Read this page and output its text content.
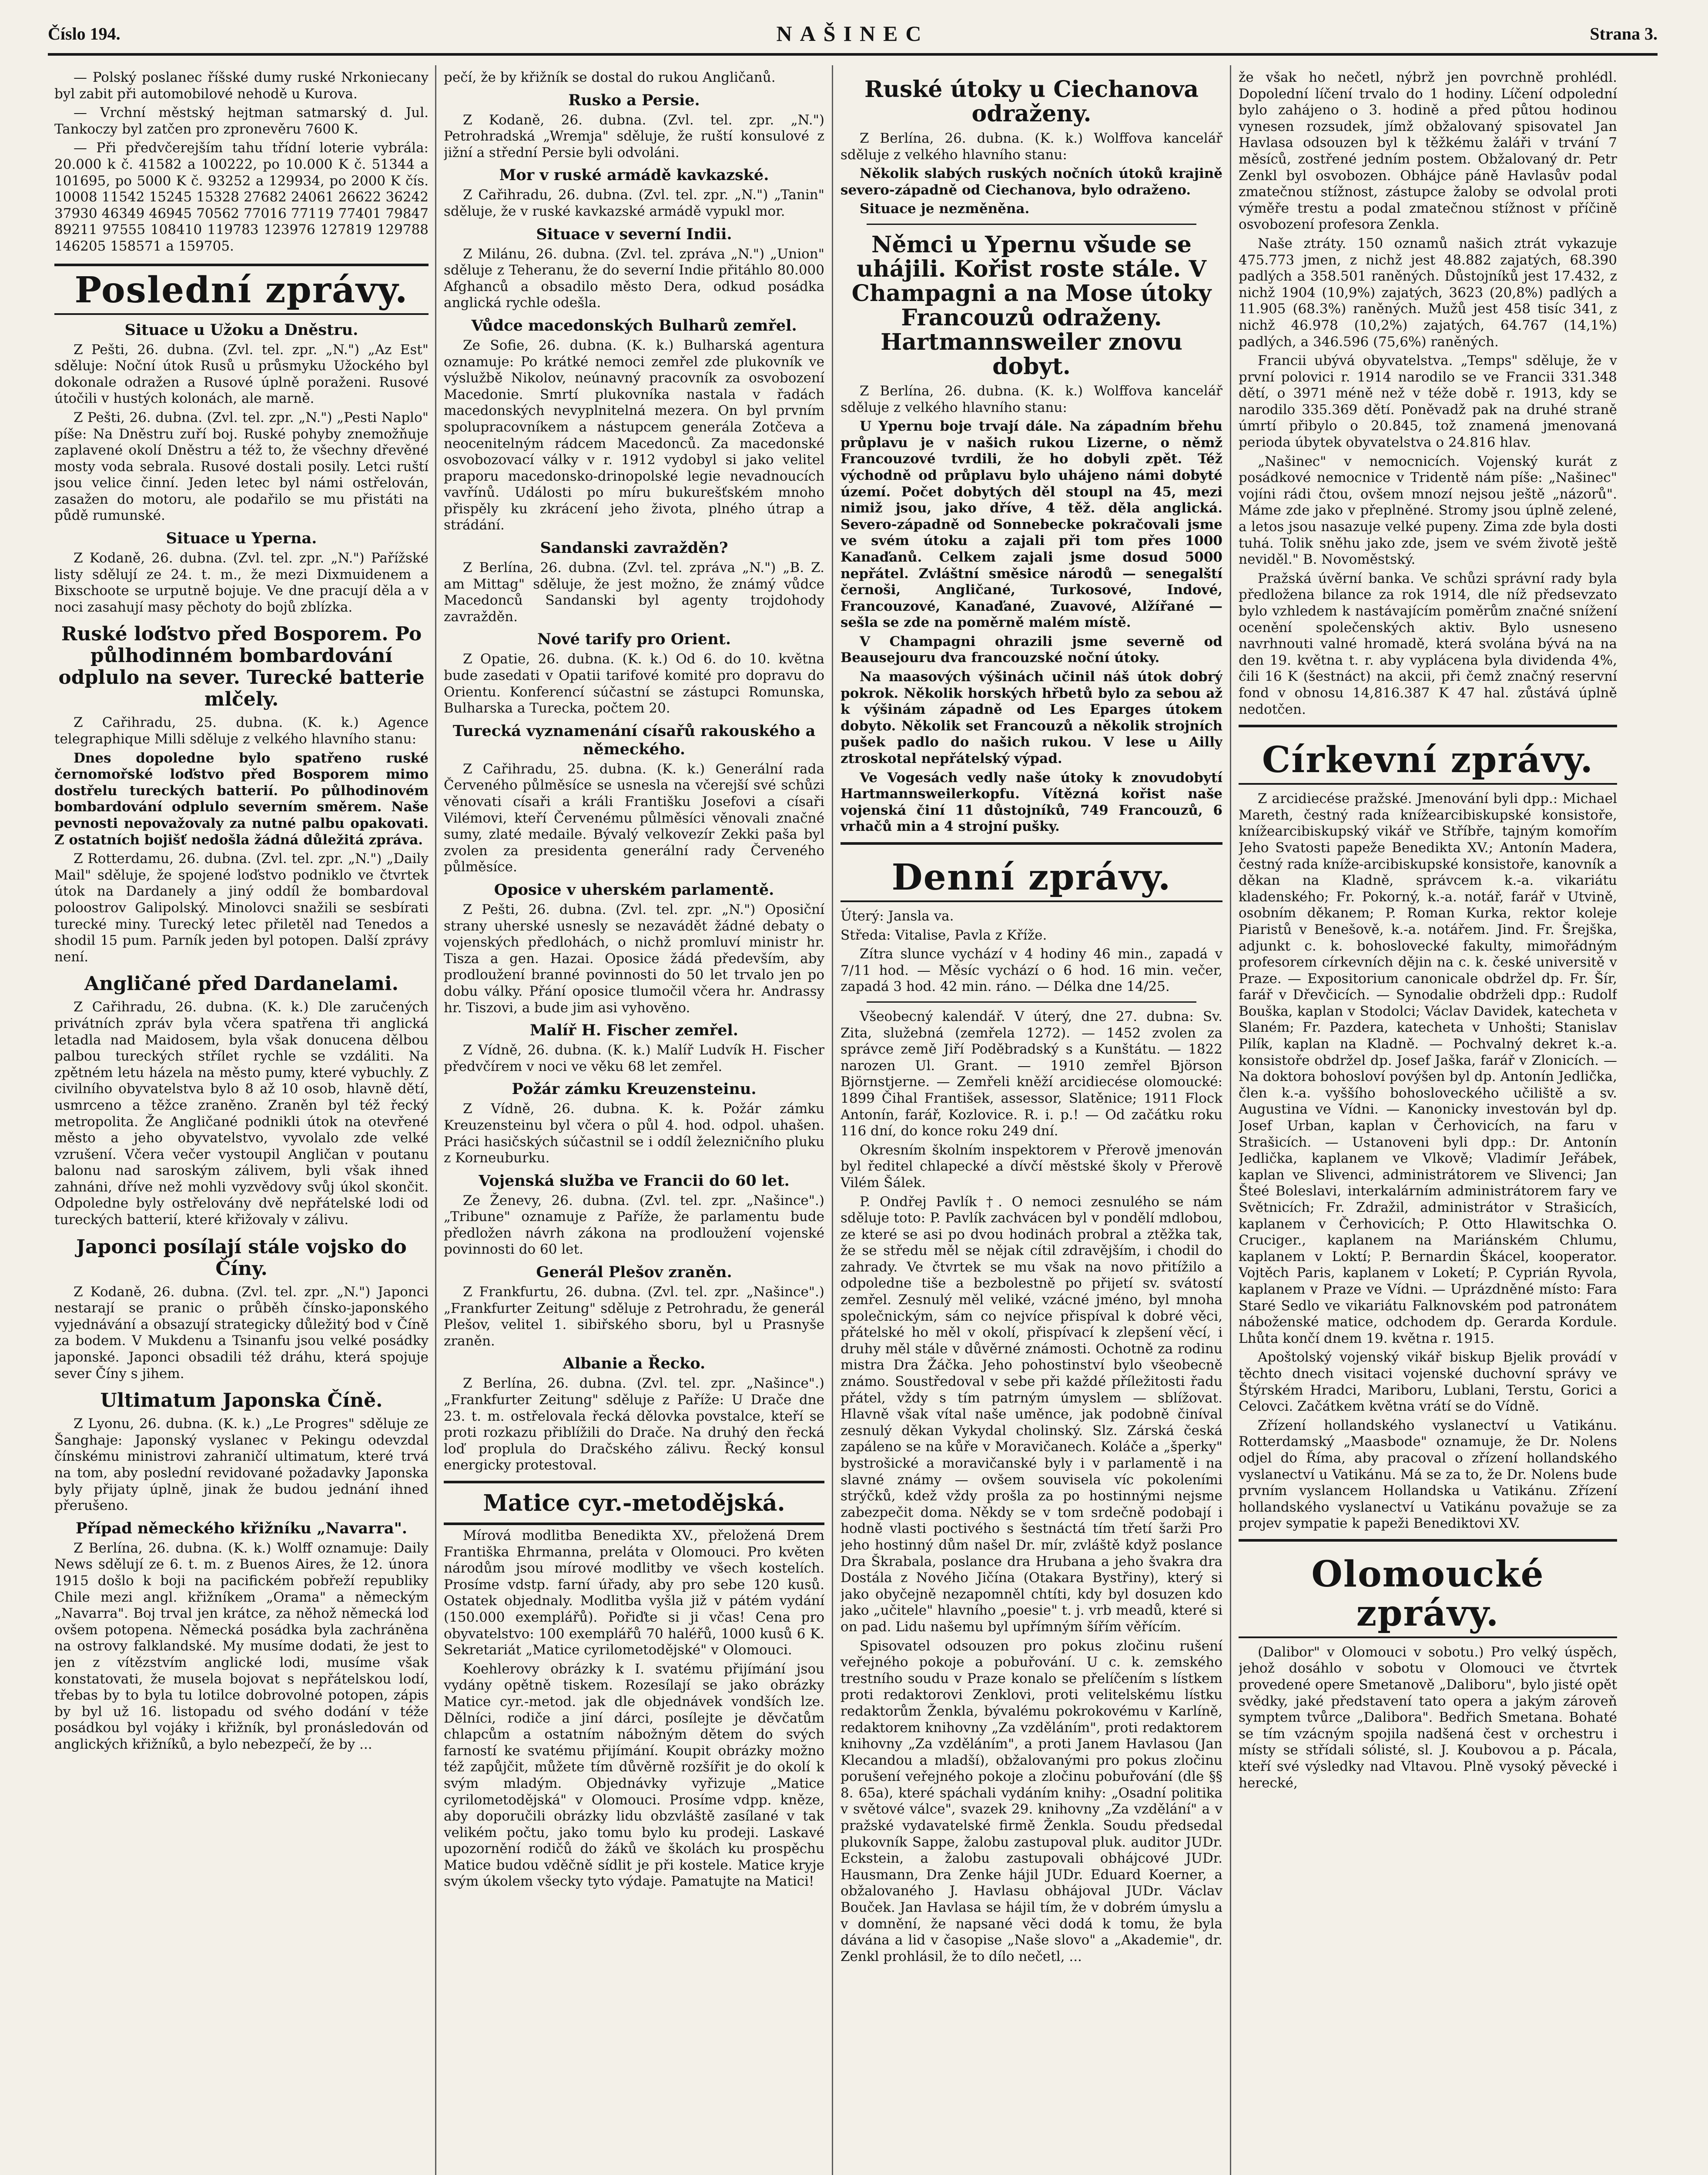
Číslo 194.	NAŠINEC	Strana 3.

— Polský poslanec říšské dumy ruské Nrkoniecany byl zabit při automobilové nehodě u Kurova.

— Vrchní městský hejtman satmarský d. Jul. Tankoczy byl zatčen pro zpronevěru 7600 K.

— Při předvčerejším tahu třídní loterie vybrála: 20.000 k č. 41582 a 100222, po 10.000 K č. 51344 a 101695, po 5000 K č. 93252 a 129934, po 2000 K čís. 10008 11542 15245 15328 27682 24061 26622 36242 37930 46349 46945 70562 77016 77119 77401 79847 89211 97555 108410 119783 123976 127819 129788 146205 158571 a 159705.

Poslední zprávy.
Situace u Užoku a Dněstru.

Z Pešti, 26. dubna. (Zvl. tel. zpr. „N.") „Az Est" sděluje: Noční útok Rusů u průsmyku Užockého byl dokonale odražen a Rusové úplně poraženi. Rusové útočili v hustých kolonách, ale marně.

Z Pešti, 26. dubna. (Zvl. tel. zpr. „N.") „Pesti Naplo" píše: Na Dněstru zuří boj. Ruské pohyby znemožňuje zaplavené okolí Dněstru a též to, že všechny dřevěné mosty voda sebrala. Rusové dostali posily. Letci ruští jsou velice činní. Jeden letec byl námi ostřelován, zasažen do motoru, ale podařilo se mu přistáti na půdě rumunské.

Situace u Yperna.

Z Kodaně, 26. dubna. (Zvl. tel. zpr. „N.") Pařížské listy sdělují ze 24. t. m., že mezi Dixmuidenem a Bixschoote se urputně bojuje. Ve dne pracují děla a v noci zasahují masy pěchoty do bojů zblízka.

Ruské loďstvo před Bosporem. Po půlhodinném bombardování odplulo na sever. Turecké batterie mlčely.

Z Cařihradu, 25. dubna. (K. k.) Agence telegraphique Milli sděluje z velkého hlavního stanu:

Dnes dopoledne bylo spatřeno ruské černomořské loďstvo před Bosporem mimo dostřelu tureckých batterií. Po půlhodinovém bombardování odplulo severním směrem. Naše pevnosti nepovažovaly za nutné palbu opakovati. Z ostatních bojišť nedošla žádná důležitá zpráva.

Z Rotterdamu, 26. dubna. (Zvl. tel. zpr. „N.") „Daily Mail" sděluje, že spojené loďstvo podniklo ve čtvrtek útok na Dardanely a jiný oddíl že bombardoval poloostrov Galipolský. Minolovci snažili se sesbírati turecké miny. Turecký letec přiletěl nad Tenedos a shodil 15 pum. Parník jeden byl potopen. Další zprávy není.

Angličané před Dardanelami.

Z Cařihradu, 26. dubna. (K. k.) Dle zaručených privátních zpráv byla včera spatřena tři anglická letadla nad Maidosem, byla však donucena dělbou palbou tureckých střílet rychle se vzdáliti. Na zpětném letu házela na město pumy, které vybuchly. Z civilního obyvatelstva bylo 8 až 10 osob, hlavně dětí, usmrceno a těžce zraněno. Zraněn byl též řecký metropolita. Že Angličané podnikli útok na otevřené město a jeho obyvatelstvo, vyvolalo zde velké vzrušení. Včera večer vystoupil Angličan v poutanu balonu nad saroským zálivem, byli však ihned zahnáni, dříve než mohli vyzvědovy svůj úkol skončit. Odpoledne byly ostřelovány dvě nepřátelské lodi od tureckých batterií, které křižovaly v zálivu.

Japonci posílají stále vojsko do Číny.

Z Kodaně, 26. dubna. (Zvl. tel. zpr. „N.") Japonci nestarají se pranic o průběh čínsko-japonského vyjednávání a obsazují strategicky důležitý bod v Číně za bodem. V Mukdenu a Tsinanfu jsou velké posádky japonské. Japonci obsadili též dráhu, která spojuje sever Číny s jihem.

Ultimatum Japonska Číně.

Z Lyonu, 26. dubna. (K. k.) „Le Progres" sděluje ze Šanghaje: Japonský vyslanec v Pekingu odevzdal čínskému ministrovi zahraničí ultimatum, které trvá na tom, aby poslední revidované požadavky Japonska byly přijaty úplně, jinak že budou jednání ihned přerušeno.

Případ německého křižníku „Navarra".

Z Berlína, 26. dubna. (K. k.) Wolff oznamuje: Daily News sdělují ze 6. t. m. z Buenos Aires, že 12. února 1915 došlo k boji na pacifickém pobřeží republiky Chile mezi angl. křižníkem „Orama" a německým „Navarra". Boj trval jen krátce, za něhož německá loď ovšem potopena. Německá posádka byla zachráněna na ostrovy falklandské. My musíme dodati, že jest to jen z vítězstvím anglické lodi, musíme však konstatovati, že musela bojovat s nepřátelskou lodí, třebas by to byla tu lotilce dobrovolné potopen, zápis by byl už 16. listopadu od svého dodání v téže posádkou byl vojáky i křižník, byl pronásledován od anglických křižníků, a bylo nebezpečí, že by ...

pečí, že by křižník se dostal do rukou Angličanů.

Rusko a Persie.

Z Kodaně, 26. dubna. (Zvl. tel. zpr. „N.") Petrohradská „Wremja" sděluje, že ruští konsulové z jižní a střední Persie byli odvoláni.

Mor v ruské armádě kavkazské.

Z Cařihradu, 26. dubna. (Zvl. tel. zpr. „N.") „Tanin" sděluje, že v ruské kavkazské armádě vypukl mor.

Situace v severní Indii.

Z Milánu, 26. dubna. (Zvl. tel. zpráva „N.") „Union" sděluje z Teheranu, že do severní Indie přitáhlo 80.000 Afghanců a obsadilo město Dera, odkud posádka anglická rychle odešla.

Vůdce macedonských Bulharů zemřel.

Ze Sofie, 26. dubna. (K. k.) Bulharská agentura oznamuje: Po krátké nemoci zemřel zde plukovník ve výslužbě Nikolov, neúnavný pracovník za osvobození Macedonie. Smrtí plukovníka nastala v řadách macedonských nevyplnitelná mezera. On byl prvním spolupracovníkem a nástupcem generála Zotčeva a neocenitelným rádcem Macedonců. Za macedonské osvobozovací války v r. 1912 vydobyl si jako velitel praporu macedonsko-drinopolské legie nevadnoucích vavřínů. Události po míru bukurešťském mnoho přispěly ku zkrácení jeho života, plného útrap a strádání.

Sandanski zavražděn?

Z Berlína, 26. dubna. (Zvl. tel. zpráva „N.") „B. Z. am Mittag" sděluje, že jest možno, že známý vůdce Macedonců Sandanski byl agenty trojdohody zavražděn.

Nové tarify pro Orient.

Z Opatie, 26. dubna. (K. k.) Od 6. do 10. května bude zasedati v Opatii tarifové komité pro dopravu do Orientu. Konferencí súčastní se zástupci Romunska, Bulharska a Turecka, počtem 20.

Turecká vyznamenání císařů rakouského a německého.

Z Cařihradu, 25. dubna. (K. k.) Generální rada Červeného půlměsíce se usnesla na včerejší své schůzi věnovati císaři a králi Františku Josefovi a císaři Vilémovi, kteří Červenému půlměsíci věnovali značné sumy, zlaté medaile. Bývalý velkovezír Zekki paša byl zvolen za presidenta generální rady Červeného půlměsíce.

Oposice v uherském parlamentě.

Z Pešti, 26. dubna. (Zvl. tel. zpr. „N.") Oposiční strany uherské usnesly se nezavádět žádné debaty o vojenských předlohách, o nichž promluví ministr hr. Tisza a gen. Hazai. Oposice žádá především, aby prodloužení branné povinnosti do 50 let trvalo jen po dobu války. Přání oposice tlumočil včera hr. Andrassy hr. Tiszovi, a bude jim asi vyhověno.

Malíř H. Fischer zemřel.

Z Vídně, 26. dubna. (K. k.) Malíř Ludvík H. Fischer předvčírem v noci ve věku 68 let zemřel.

Požár zámku Kreuzensteinu.

Z Vídně, 26. dubna. K. k. Požár zámku Kreuzensteinu byl včera o půl 4. hod. odpol. uhašen. Práci hasičských súčastnil se i oddíl železničního pluku z Korneuburku.

Vojenská služba ve Francii do 60 let.

Ze Ženevy, 26. dubna. (Zvl. tel. zpr. „Našince".) „Tribune" oznamuje z Paříže, že parlamentu bude předložen návrh zákona na prodloužení vojenské povinnosti do 60 let.

Generál Plešov zraněn.

Z Frankfurtu, 26. dubna. (Zvl. tel. zpr. „Našince".) „Frankfurter Zeitung" sděluje z Petrohradu, že generál Plešov, velitel 1. sibiřského sboru, byl u Prasnyše zraněn.

Albanie a Řecko.

Z Berlína, 26. dubna. (Zvl. tel. zpr. „Našince".) „Frankfurter Zeitung" sděluje z Paříže: U Drače dne 23. t. m. ostřelovala řecká dělovka povstalce, kteří se proti rozkazu přiblížili do Drače. Na druhý den řecká loď proplula do Dračského zálivu. Řecký konsul energicky protestoval.

Matice cyr.-metodějská.

Mírová modlitba Benedikta XV., přeložená Drem Františka Ehrmanna, preláta v Olomouci. Pro květen národům jsou mírové modlitby ve všech kostelích. Prosíme vdstp. farní úřady, aby pro sebe 120 kusů. Ostatek objednaly. Modlitba vyšla již v pátém vydání (150.000 exemplářů). Pořiďte si ji včas! Cena pro obyvatelstvo: 100 exemplářů 70 haléřů, 1000 kusů 6 K. Sekretariát „Matice cyrilometodějské" v Olomouci.

Koehlerovy obrázky k I. svatému přijímání jsou vydány opětně tiskem. Rozesílají se jako obrázky Matice cyr.-metod. jak dle objednávek vondších lze. Dělníci, rodiče a jiní dárci, posílejte je děvčatům chlapcům a ostatním nábožným dětem do svých farností ke svatému přijímání. Koupit obrázky možno též zapůjčit, můžete tím důvěrně rozšířit je do okolí k svým mladým. Objednávky vyřizuje „Matice cyrilometodějská" v Olomouci. Prosíme vdpp. kněze, aby doporučili obrázky lidu obzvláště zasílané v tak velikém počtu, jako tomu bylo ku prodeji. Laskavé upozornění rodičů do žáků ve školách ku prospěchu Matice budou vděčně sídlit je při kostele. Matice kryje svým úkolem všecky tyto výdaje. Pamatujte na Matici!

Ruské útoky u Ciechanova odraženy.

Z Berlína, 26. dubna. (K. k.) Wolffova kancelář sděluje z velkého hlavního stanu:

Několik slabých ruských nočních útoků krajině severo-západně od Ciechanova, bylo odraženo.

Situace je nezměněna.

Němci u Ypernu všude se uhájili. Kořist roste stále. V Champagni a na Mose útoky Francouzů odraženy. Hartmannsweiler znovu dobyt.

Z Berlína, 26. dubna. (K. k.) Wolffova kancelář sděluje z velkého hlavního stanu:

U Ypernu boje trvají dále. Na západním břehu průplavu je v našich rukou Lizerne, o němž Francouzové tvrdili, že ho dobyli zpět. Též východně od průplavu bylo uhájeno námi dobyté území. Počet dobytých děl stoupl na 45, mezi nimiž jsou, jako dříve, 4 těž. děla anglická. Severo-západně od Sonnebecke pokračovali jsme ve svém útoku a zajali při tom přes 1000 Kanaďanů. Celkem zajali jsme dosud 5000 nepřátel. Zvláštní směsice národů — senegalští černoši, Angličané, Turkosové, Indové, Francouzové, Kanaďané, Zuavové, Alžířané — sešla se zde na poměrně malém místě.

V Champagni ohrazili jsme severně od Beausejouru dva francouzské noční útoky.

Na maasových výšinách učinil náš útok dobrý pokrok. Několik horských hřbetů bylo za sebou až k výšinám západně od Les Eparges útokem dobyto. Několik set Francouzů a několik strojních pušek padlo do našich rukou. V lese u Ailly ztroskotal nepřátelský výpad.

Ve Vogesách vedly naše útoky k znovudobytí Hartmannsweilerkopfu. Vítězná kořist naše vojenská činí 11 důstojníků, 749 Francouzů, 6 vrhačů min a 4 strojní pušky.

Denní zprávy.

Úterý: Jansla va.

Středa: Vitalise, Pavla z Kříže.

Zítra slunce vychází v 4 hodiny 46 min., zapadá v 7/11 hod. — Měsíc vychází o 6 hod. 16 min. večer, zapadá 3 hod. 42 min. ráno. — Délka dne 14/25.

Všeobecný kalendář. V úterý, dne 27. dubna: Sv. Zita, služebná (zemřela 1272). — 1452 zvolen za správce země Jiří Poděbradský s a Kunštátu. — 1822 narozen Ul. Grant. — 1910 zemřel Björson Björnstjerne. — Zemřeli kněží arcidiecése olomoucké: 1899 Čihal František, assessor, Slatěnice; 1911 Flock Antonín, farář, Kozlovice. R. i. p.! — Od začátku roku 116 dní, do konce roku 249 dní.

Okresním školním inspektorem v Přerově jmenován byl ředitel chlapecké a dívčí městské školy v Přerově Vilém Šálek.

P. Ondřej Pavlík †. O nemoci zesnulého se nám sděluje toto: P. Pavlík zachvácen byl v pondělí mdlobou, ze které se asi po dvou hodinách probral a ztěžka tak, že se středu měl se nějak cítil zdravějším, i chodil do zahrady. Ve čtvrtek se mu však na novo přitížilo a odpoledne tiše a bezbolestně po přijetí sv. svátostí zemřel. Zesnulý měl veliké, vzácné jméno, byl mnoha společnickým, sám co nejvíce přispíval k dobré věci, přátelské ho měl v okolí, přispívací k zlepšení věcí, i druhy měl stále v důvěrné známosti. Ochotně za rodinu mistra Dra Žáčka. Jeho pohostinství bylo všeobecně známo. Soustředoval v sebe při každé příležitosti řadu přátel, vždy s tím patrným úmyslem — sblížovat. Hlavně však vítal naše uměnce, jak podobně činíval zesnulý děkan Vykydal cholinský. Slz. Zárská česká zapáleno se na kůře v Moravičanech. Koláče a „šperky" bystrošické a moravičanské byly i v parlamentě i na slavné známy — ovšem souvisela víc pokoleními strýčků, kdež vždy prošla za po hostinnými nejsme zabezpečit doma. Někdy se v tom srdečně podobají i hodně vlasti poctivého s šestnáctá tím třetí šarži Pro jeho hostinný dům našel Dr. mír, zvláště když poslance Dra Škrabala, poslance dra Hrubana a jeho švakra dra Dostála z Nového Jičína (Otakara Bystřiny), který si jako obyčejně nezapomněl chtíti, kdy byl dosuzen kdo jako „učitele" hlavního „poesie" t. j. vrb meadů, které si on pad. Lidu našemu byl upřímným šířím věřícím.

Spisovatel odsouzen pro pokus zločinu rušení veřejného pokoje a pobuřování. U c. k. zemského trestního soudu v Praze konalo se přelíčením s lístkem proti redaktorovi Zenklovi, proti velitelskému lístku redaktorům Ženkla, bývalému pokrokovému v Karlíně, redaktorem knihovny „Za vzděláním", proti redaktorem knihovny „Za vzděláním", a proti Janem Havlasou (Jan Klecandou a mladší), obžalovanými pro pokus zločinu porušení veřejného pokoje a zločinu pobuřování (dle §§ 8. 65a), které spáchali vydáním knihy: „Osadní politika v světové válce", svazek 29. knihovny „Za vzdělání" a v pražské vydavatelské firmě Ženkla. Soudu předsedal plukovník Sappe, žalobu zastupoval pluk. auditor JUDr. Eckstein, a žalobu zastupovali obhájcové JUDr. Hausmann, Dra Zenke hájil JUDr. Eduard Koerner, a obžalovaného J. Havlasu obhájoval JUDr. Václav Bouček. Jan Havlasa se hájil tím, že v dobrém úmyslu a v domnění, že napsané věci dodá k tomu, že byla dávána a lid v časopise „Naše slovo" a „Akademie", dr. Zenkl prohlásil, že to dílo nečetl, ...

že však ho nečetl, nýbrž jen povrchně prohlédl. Dopolední líčení trvalo do 1 hodiny. Líčení odpolední bylo zahájeno o 3. hodině a před půtou hodinou vynesen rozsudek, jímž obžalovaný spisovatel Jan Havlasa odsouzen byl k těžkému žaláři v trvání 7 měsíců, zostřené jedním postem. Obžalovaný dr. Petr Zenkl byl osvobozen. Obhájce páně Havlasův podal zmatečnou stížnost, zástupce žaloby se odvolal proti výměře trestu a podal zmatečnou stížnost v příčině osvobození profesora Zenkla.

Naše ztráty. 150 oznamů našich ztrát vykazuje 475.773 jmen, z nichž jest 48.882 zajatých, 68.390 padlých a 358.501 raněných. Důstojníků jest 17.432, z nichž 1904 (10,9%) zajatých, 3623 (20,8%) padlých a 11.905 (68.3%) raněných. Mužů jest 458 tisíc 341, z nichž 46.978 (10,2%) zajatých, 64.767 (14,1%) padlých, a 346.596 (75,6%) raněných.

Francii ubývá obyvatelstva. „Temps" sděluje, že v první polovici r. 1914 narodilo se ve Francii 331.348 dětí, o 3971 méně než v téže době r. 1913, kdy se narodilo 335.369 dětí. Poněvadž pak na druhé straně úmrtí přibylo o 20.845, tož znamená jmenovaná perioda úbytek obyvatelstva o 24.816 hlav.

„Našinec" v nemocnicích. Vojenský kurát z posádkové nemocnice v Tridentě nám píše: „Našinec" vojíni rádi čtou, ovšem mnozí nejsou ještě „názorů". Máme zde jako v přeplněné. Stromy jsou úplně zelené, a letos jsou nasazuje velké pupeny. Zima zde byla dosti tuhá. Tolik sněhu jako zde, jsem ve svém životě ještě neviděl." B. Novoměstský.

Pražská úvěrní banka. Ve schůzi správní rady byla předložena bilance za rok 1914, dle níž předsevzato bylo vzhledem k nastávajícím poměrům značné snížení ocenění společenských aktiv. Bylo usneseno navrhnouti valné hromadě, která svolána bývá na na den 19. května t. r. aby vyplácena byla dividenda 4%, čili 16 K (šestnáct) na akcii, při čemž značný reservní fond v obnosu 14,816.387 K 47 hal. zůstává úplně nedotčen.

Církevní zprávy.

Z arcidiecése pražské. Jmenování byli dpp.: Michael Mareth, čestný rada knížearcibiskupské konsistoře, knížearcibiskupský vikář ve Stříbře, tajným komořím Jeho Svatosti papeže Benedikta XV.; Antonín Madera, čestný rada kníže-arcibiskupské konsistoře, kanovník a děkan na Kladně, správcem k.-a. vikariátu kladenského; Fr. Pokorný, k.-a. notář, farář v Utvině, osobním děkanem; P. Roman Kurka, rektor koleje Piaristů v Benešově, k.-a. notářem. Jind. Fr. Šrejška, adjunkt c. k. bohoslovecké fakulty, mimořádným profesorem církevních dějin na c. k. české universitě v Praze. — Expositorium canonicale obdržel dp. Fr. Šír, farář v Dřevčicích. — Synodalie obdrželi dpp.: Rudolf Bouška, kaplan v Stodolci; Václav Davidek, katecheta v Slaném; Fr. Pazdera, katecheta v Unhošti; Stanislav Pilík, kaplan na Kladně. — Pochvalný dekret k.-a. konsistoře obdržel dp. Josef Jaška, farář v Zlonicích. — Na doktora bohosloví povýšen byl dp. Antonín Jedlička, člen k.-a. vyššího bohosloveckého učiliště a sv. Augustina ve Vídni. — Kanonicky investován byl dp. Josef Urban, kaplan v Čerhovicích, na faru v Strašicích. — Ustanoveni byli dpp.: Dr. Antonín Jedlička, kaplanem ve Vlkově; Vladimír Jeřábek, kaplan ve Slivenci, administrátorem ve Slivenci; Jan Šteé Boleslavi, interkalárním administrátorem fary ve Světnicích; Fr. Zdražil, administrátor v Strašicích, kaplanem v Čerhovicích; P. Otto Hlawitschka O. Cruciger., kaplanem na Mariánském Chlumu, kaplanem v Loktí; P. Bernardin Škácel, kooperator. Vojtěch Paris, kaplanem v Loketí; P. Cyprián Ryvola, kaplanem v Praze ve Vídni. — Uprázdněné místo: Fara Staré Sedlo ve vikariátu Falknovském pod patronátem náboženské matice, odchodem dp. Gerarda Kordule. Lhůta končí dnem 19. května r. 1915.

Apoštolský vojenský vikář biskup Bjelik provádí v těchto dnech visitaci vojenské duchovní správy ve Štýrském Hradci, Mariboru, Lublani, Terstu, Gorici a Celovci. Začátkem května vrátí se do Vídně.

Zřízení hollandského vyslanectví u Vatikánu. Rotterdamský „Maasbode" oznamuje, že Dr. Nolens odjel do Říma, aby pracoval o zřízení hollandského vyslanectví u Vatikánu. Má se za to, že Dr. Nolens bude prvním vyslancem Hollandska u Vatikánu. Zřízení hollandského vyslanectví u Vatikánu považuje se za projev sympatie k papeži Benediktovi XV.

Olomoucké zprávy.

(Dalibor" v Olomouci v sobotu.) Pro velký úspěch, jehož dosáhlo v sobotu v Olomouci ve čtvrtek provedené opere Smetanově „Daliboru", bylo jisté opět svědky, jaké představení tato opera a jakým zároveň symptem tvůrce „Dalibora". Bedřich Smetana. Bohaté se tím vzácným spojila nadšená čest v orchestru i místy se střídali sólisté, sl. J. Koubovou a p. Pácala, kteří své výsledky nad Vltavou. Plně vysoký pěvecké i herecké,
